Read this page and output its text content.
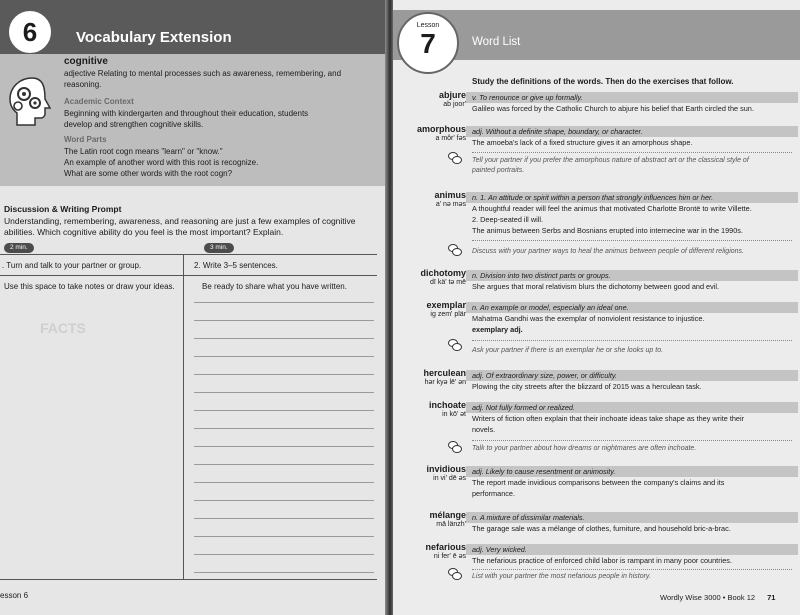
6	Vocabulary Extension
cognitive
adjective Relating to mental processes such as awareness, remembering, and
reasoning.
Academic Context
Beginning with kindergarten and throughout their education, students
develop and strengthen cognitive skills.
Word Parts
The Latin root cogn means "learn" or "know."
An example of another word with this root is recognize.
What are some other words with the root cogn?
Discussion & Writing Prompt
Understanding, remembering, awareness, and reasoning are just a few examples of cognitive
abilities. Which cognitive ability do you feel is the most important? Explain.
2 min.	3 min.
. Turn and talk to your partner or group.	2. Write 3–5 sentences.
Use this space to take notes or draw your ideas.	Be ready to share what you have written.
FACTS
esson 6
Lesson
7	Word List
Study the definitions of the words. Then do the exercises that follow.
abjure
ab joor'
v. To renounce or give up formally.
Galileo was forced by the Catholic Church to abjure his belief that Earth circled the sun.
amorphous
a môr' fəs
adj. Without a definite shape, boundary, or character.
The amoeba's lack of a fixed structure gives it an amorphous shape.
Tell your partner if you prefer the amorphous nature of abstract art or the classical style of
painted portraits.
animus
a' nə məs
n. 1. An attitude or spirit within a person that strongly influences him or her.
A thoughtful reader will feel the animus that motivated Charlotte Brontë to write Villette.
2. Deep-seated ill will.
The animus between Serbs and Bosnians erupted into internecine war in the 1990s.
Discuss with your partner ways to heal the animus between people of different religions.
dichotomy
dī kä' tə mē
n. Division into two distinct parts or groups.
She argues that moral relativism blurs the dichotomy between good and evil.
exemplar
ig zem' plär
n. An example or model, especially an ideal one.
Mahatma Gandhi was the exemplar of nonviolent resistance to injustice.
exemplary adj.
Ask your partner if there is an exemplar he or she looks up to.
herculean
hər kyə lē' ən
adj. Of extraordinary size, power, or difficulty.
Plowing the city streets after the blizzard of 2015 was a herculean task.
inchoate
in kō' ət
adj. Not fully formed or realized.
Writers of fiction often explain that their inchoate ideas take shape as they write their
novels.
Talk to your partner about how dreams or nightmares are often inchoate.
invidious
in vi' dē əs
adj. Likely to cause resentment or animosity.
The report made invidious comparisons between the company's claims and its
performance.
mélange
mā länzh'
n. A mixture of dissimilar materials.
The garage sale was a mélange of clothes, furniture, and household bric-a-brac.
nefarious
ni fer' ē əs
adj. Very wicked.
The nefarious practice of enforced child labor is rampant in many poor countries.
List with your partner the most nefarious people in history.
Wordly Wise 3000 • Book 12 71
